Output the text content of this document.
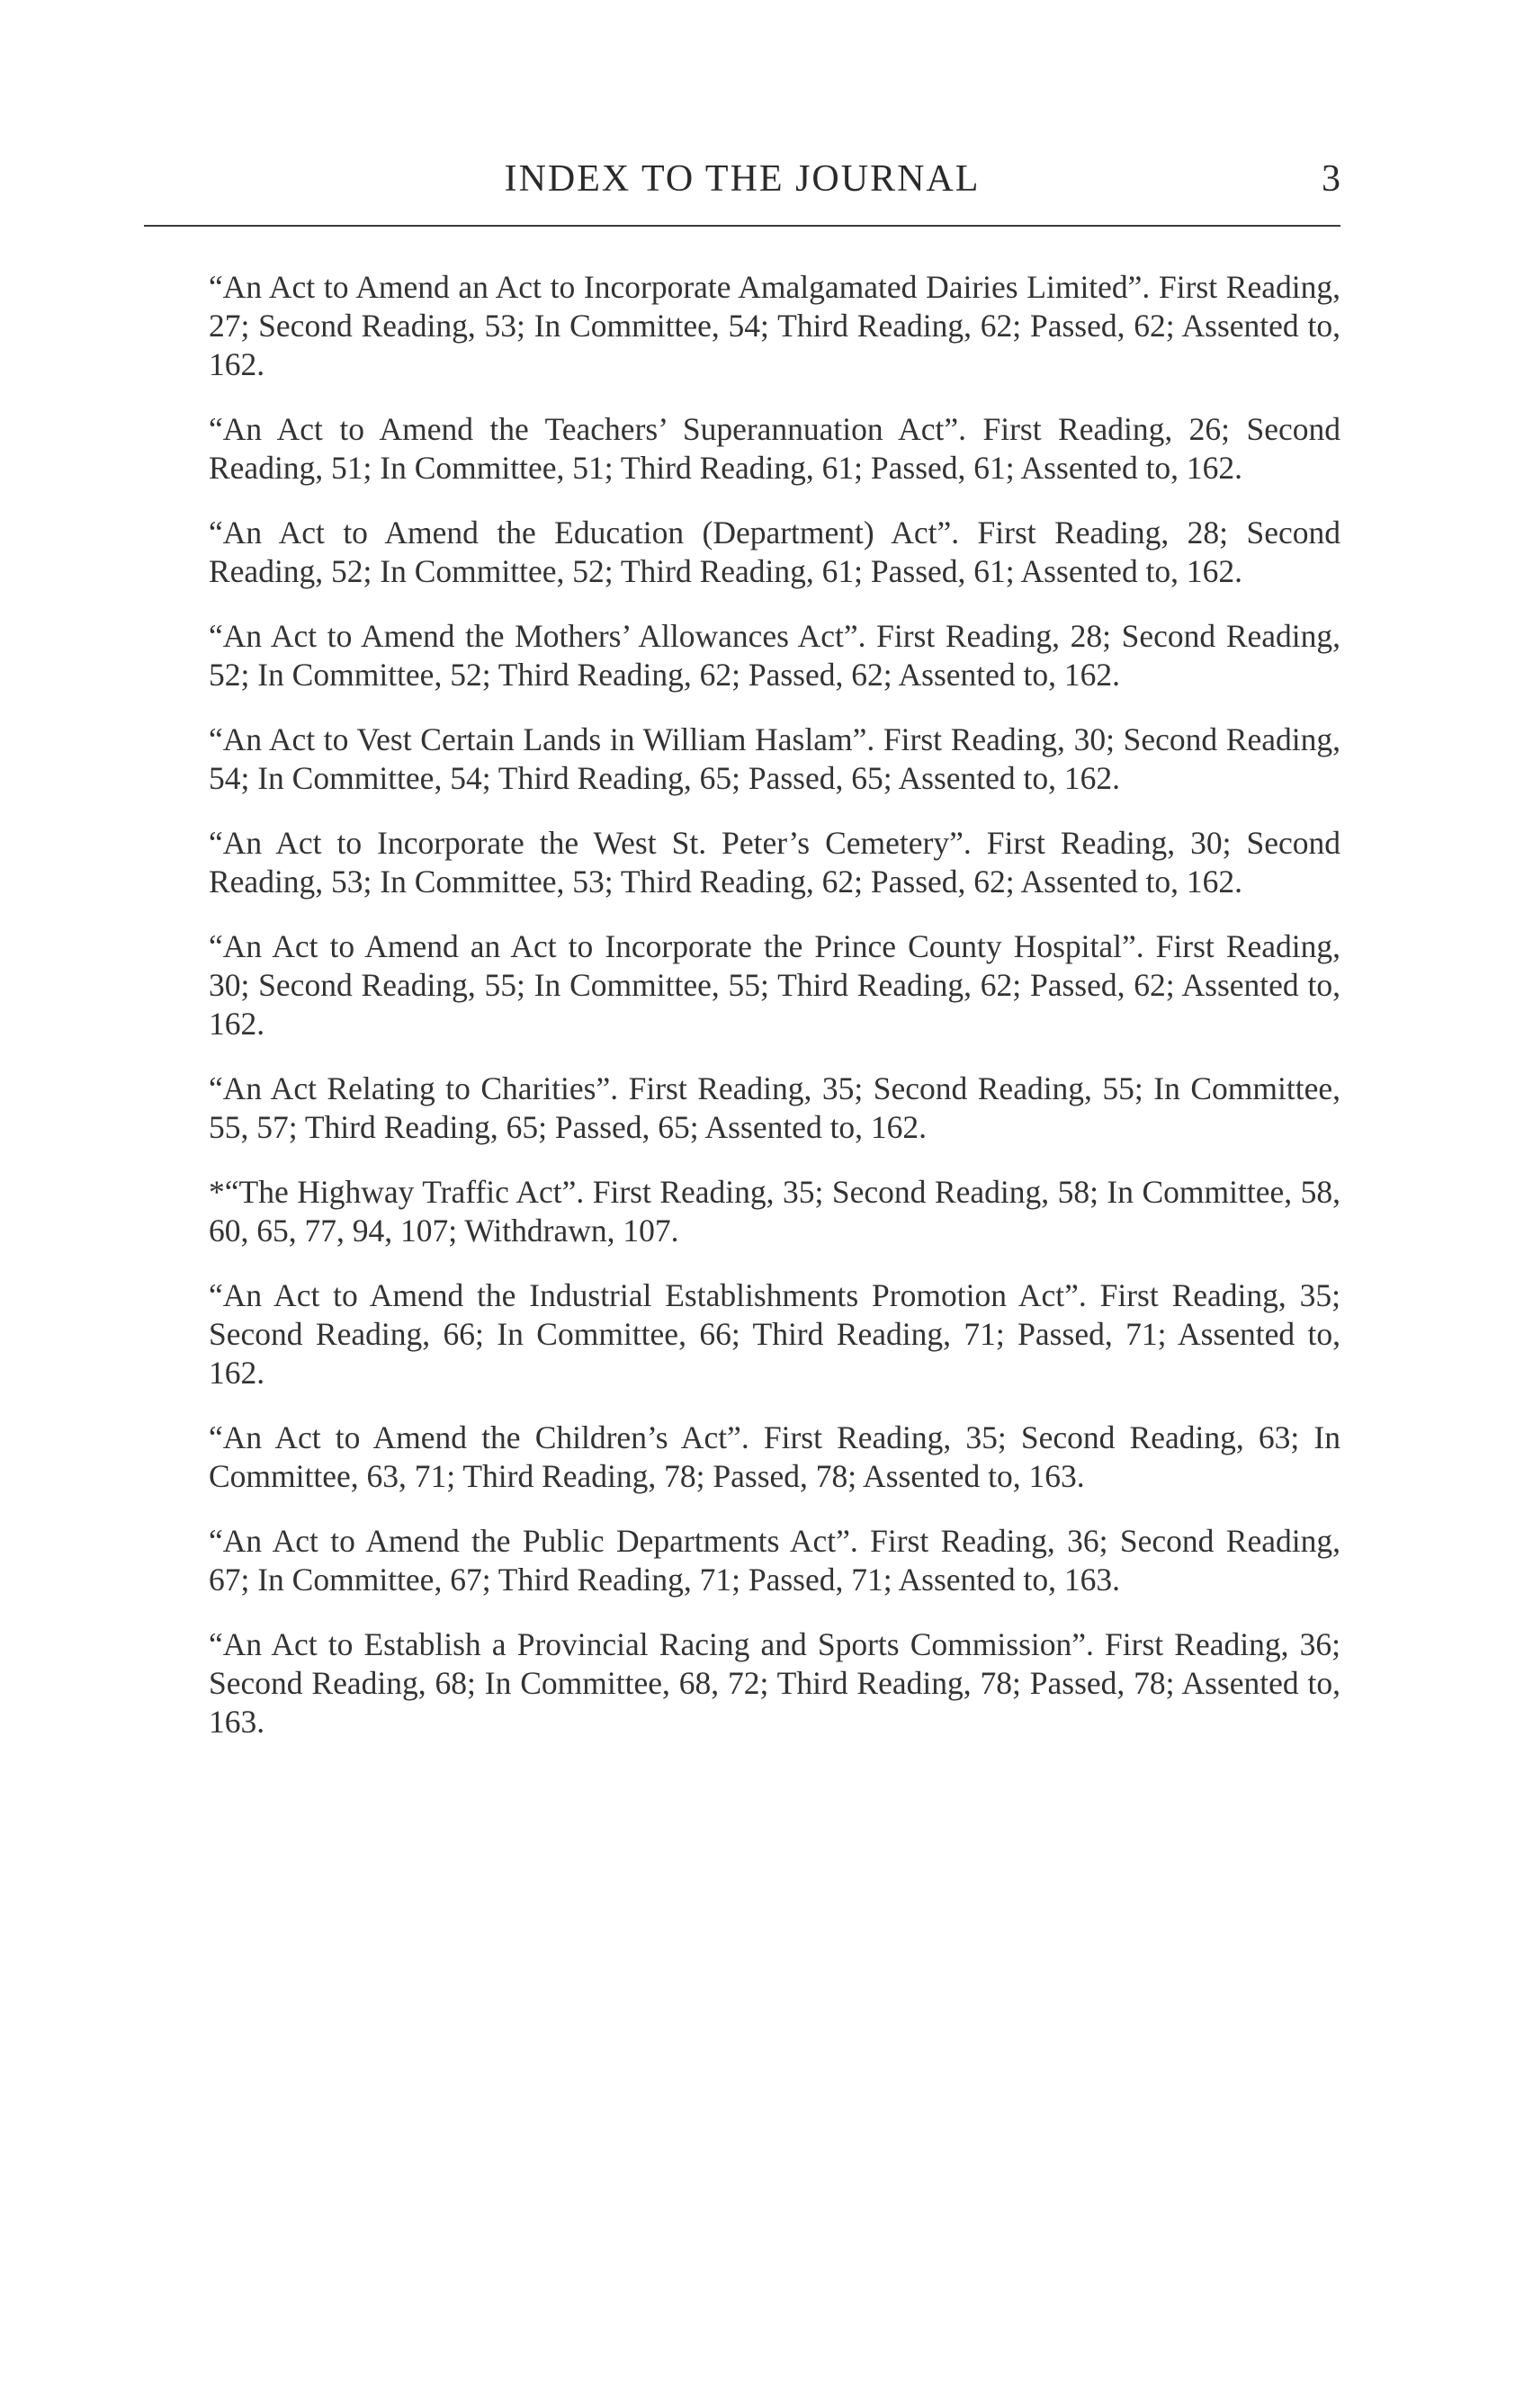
INDEX TO THE JOURNAL	3

“An Act to Amend an Act to Incorporate Amalgamated Dairies Limited”. First Reading, 27; Second Reading, 53; In Committee, 54; Third Reading, 62; Passed, 62; Assented to, 162.

“An Act to Amend the Teachers’ Superannuation Act”. First Reading, 26; Second Reading, 51; In Committee, 51; Third Reading, 61; Passed, 61; Assented to, 162.

“An Act to Amend the Education (Department) Act”. First Reading, 28; Second Reading, 52; In Committee, 52; Third Reading, 61; Passed, 61; Assented to, 162.

“An Act to Amend the Mothers’ Allowances Act”. First Reading, 28; Second Reading, 52; In Committee, 52; Third Reading, 62; Passed, 62; Assented to, 162.

“An Act to Vest Certain Lands in William Haslam”. First Reading, 30; Second Reading, 54; In Committee, 54; Third Reading, 65; Passed, 65; Assented to, 162.

“An Act to Incorporate the West St. Peter’s Cemetery”. First Reading, 30; Second Reading, 53; In Committee, 53; Third Reading, 62; Passed, 62; Assented to, 162.

“An Act to Amend an Act to Incorporate the Prince County Hospital”. First Reading, 30; Second Reading, 55; In Committee, 55; Third Reading, 62; Passed, 62; Assented to, 162.

“An Act Relating to Charities”. First Reading, 35; Second Reading, 55; In Committee, 55, 57; Third Reading, 65; Passed, 65; Assented to, 162.

*“The Highway Traffic Act”. First Reading, 35; Second Reading, 58; In Committee, 58, 60, 65, 77, 94, 107; Withdrawn, 107.

“An Act to Amend the Industrial Establishments Promotion Act”. First Reading, 35; Second Reading, 66; In Committee, 66; Third Reading, 71; Passed, 71; Assented to, 162.

“An Act to Amend the Children’s Act”. First Reading, 35; Second Reading, 63; In Committee, 63, 71; Third Reading, 78; Passed, 78; Assented to, 163.

“An Act to Amend the Public Departments Act”. First Reading, 36; Second Reading, 67; In Committee, 67; Third Reading, 71; Passed, 71; Assented to, 163.

“An Act to Establish a Provincial Racing and Sports Commission”. First Reading, 36; Second Reading, 68; In Committee, 68, 72; Third Reading, 78; Passed, 78; Assented to, 163.
